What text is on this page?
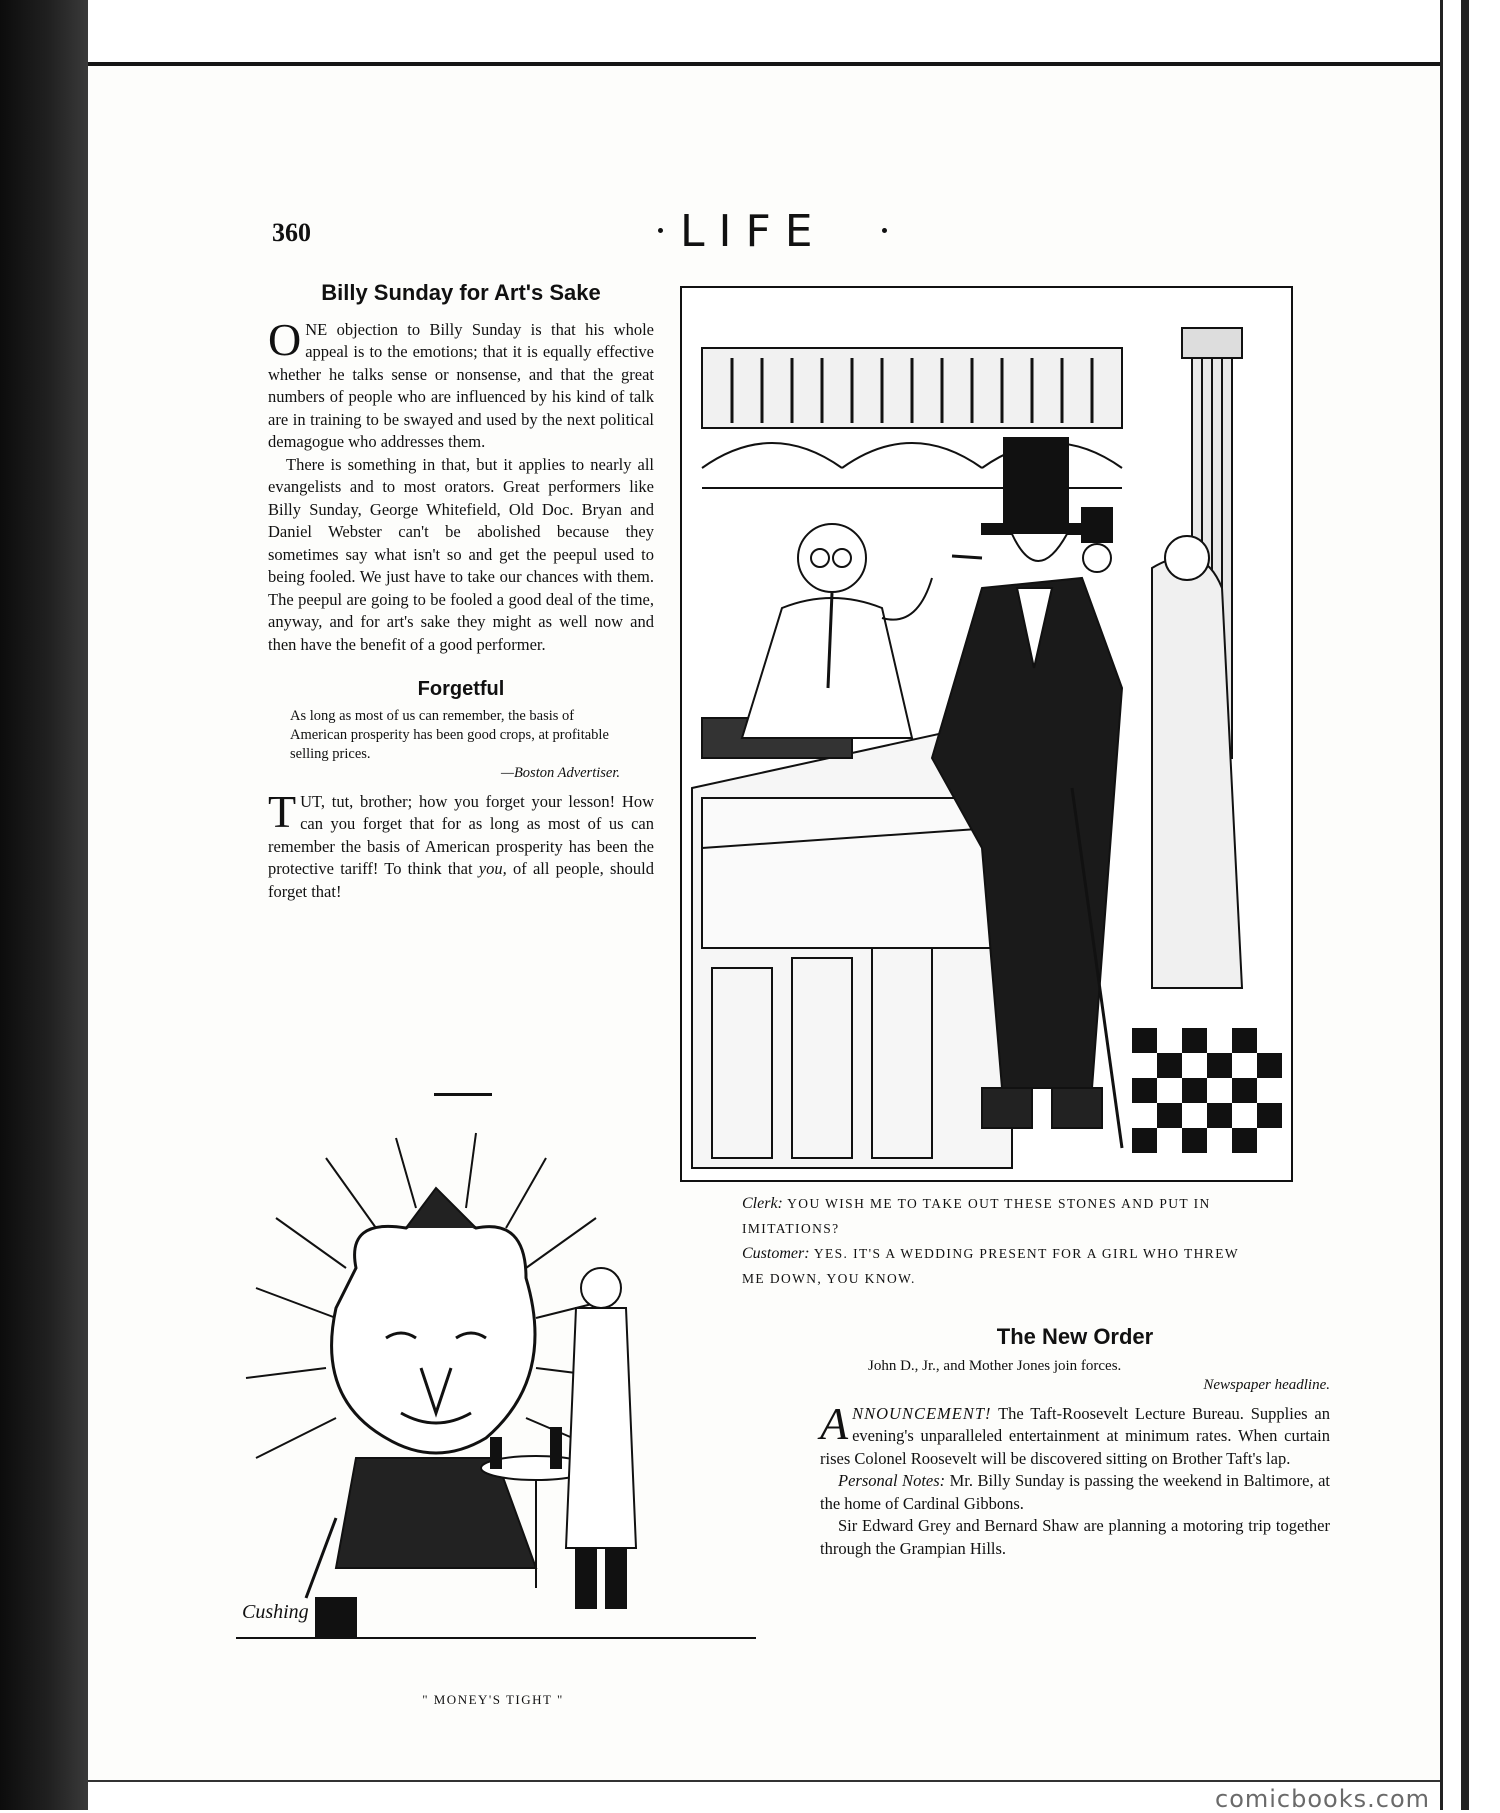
360	LIFE
Billy Sunday for Art's Sake

ONE objection to Billy Sunday is that his whole appeal is to the emotions; that it is equally effective whether he talks sense or nonsense, and that the great numbers of people who are influenced by his kind of talk are in training to be swayed and used by the next political demagogue who addresses them.

There is something in that, but it applies to nearly all evangelists and to most orators. Great performers like Billy Sunday, George Whitefield, Old Doc. Bryan and Daniel Webster can't be abolished because they sometimes say what isn't so and get the peepul used to being fooled. We just have to take our chances with them. The peepul are going to be fooled a good deal of the time, anyway, and for art's sake they might as well now and then have the benefit of a good performer.

Forgetful
As long as most of us can remember, the basis of American prosperity has been good crops, at profitable selling prices.
—Boston Advertiser.

TUT, tut, brother; how you forget your lesson! How can you forget that for as long as most of us can remember the basis of American prosperity has been the protective tariff! To think that you, of all people, should forget that!

Clerk: YOU WISH ME TO TAKE OUT THESE STONES AND PUT IN IMITATIONS?
Customer: YES. IT'S A WEDDING PRESENT FOR A GIRL WHO THREW ME DOWN, YOU KNOW.
Cushing
" MONEY'S TIGHT "
The New Order
John D., Jr., and Mother Jones join forces.
Newspaper headline.

ANNOUNCEMENT! The Taft-Roosevelt Lecture Bureau. Supplies an evening's unparalleled entertainment at minimum rates. When curtain rises Colonel Roosevelt will be discovered sitting on Brother Taft's lap.

Personal Notes: Mr. Billy Sunday is passing the weekend in Baltimore, at the home of Cardinal Gibbons.

Sir Edward Grey and Bernard Shaw are planning a motoring trip together through the Grampian Hills.

comicbooks.com
